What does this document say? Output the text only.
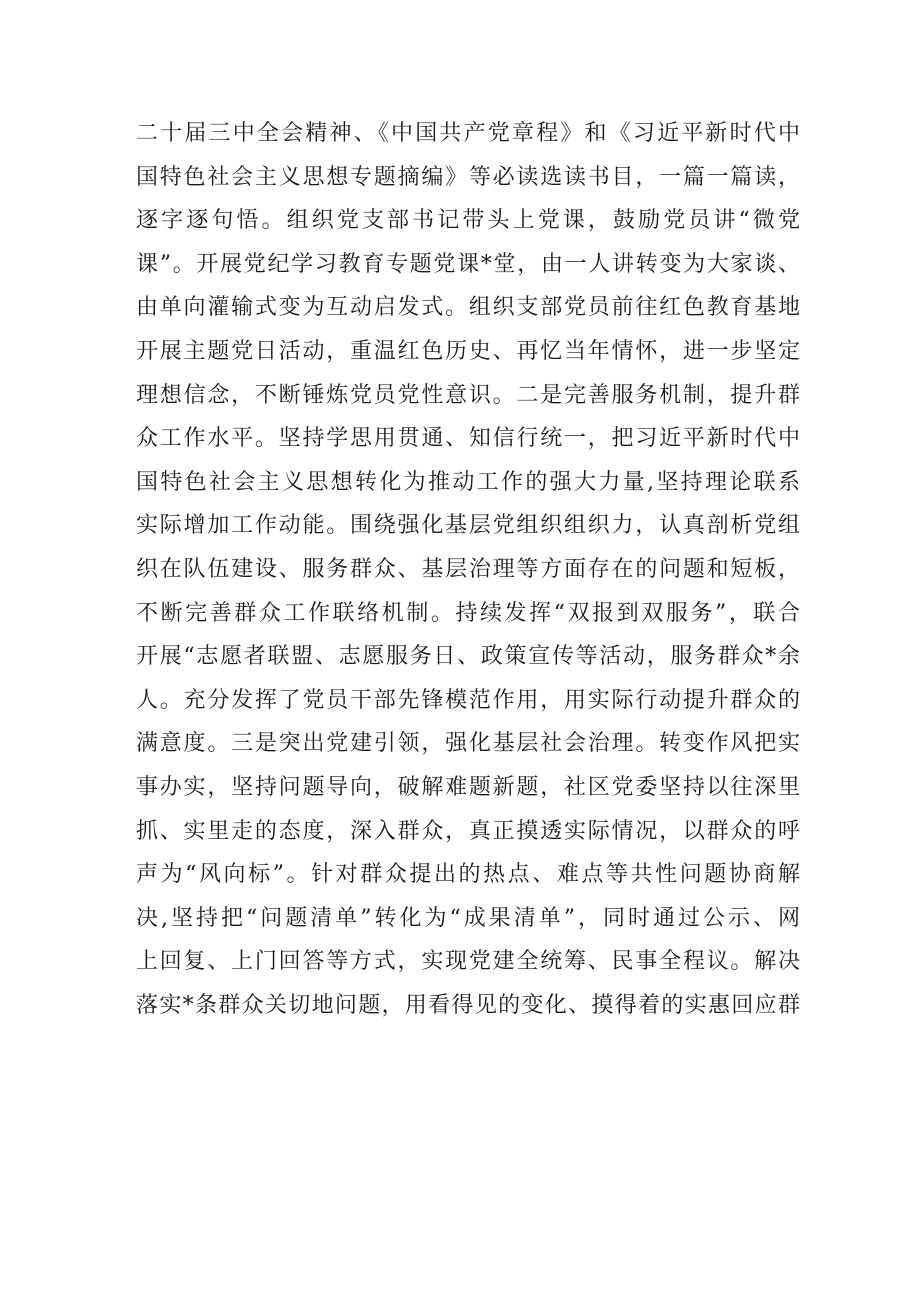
二十届三中全会精神、《中国共产党章程》和《习近平新时代中
国特色社会主义思想专题摘编》等必读选读书目，一篇一篇读，
逐字逐句悟。组织党支部书记带头上党课，鼓励党员讲“微党
课”。开展党纪学习教育专题党课*堂，由一人讲转变为大家谈、
由单向灌输式变为互动启发式。组织支部党员前往红色教育基地
开展主题党日活动，重温红色历史、再忆当年情怀，进一步坚定
理想信念，不断锤炼党员党性意识。二是完善服务机制，提升群
众工作水平。坚持学思用贯通、知信行统一，把习近平新时代中
国特色社会主义思想转化为推动工作的强大力量,坚持理论联系
实际增加工作动能。围绕强化基层党组织组织力，认真剖析党组
织在队伍建设、服务群众、基层治理等方面存在的问题和短板，
不断完善群众工作联络机制。持续发挥“双报到双服务”，联合
开展“志愿者联盟、志愿服务日、政策宣传等活动，服务群众*余
人。充分发挥了党员干部先锋模范作用，用实际行动提升群众的
满意度。三是突出党建引领，强化基层社会治理。转变作风把实
事办实，坚持问题导向，破解难题新题，社区党委坚持以往深里
抓、实里走的态度，深入群众，真正摸透实际情况，以群众的呼
声为“风向标”。针对群众提出的热点、难点等共性问题协商解
决,坚持把“问题清单”转化为“成果清单”，同时通过公示、网
上回复、上门回答等方式，实现党建全统筹、民事全程议。解决
落实*条群众关切地问题，用看得见的变化、摸得着的实惠回应群
